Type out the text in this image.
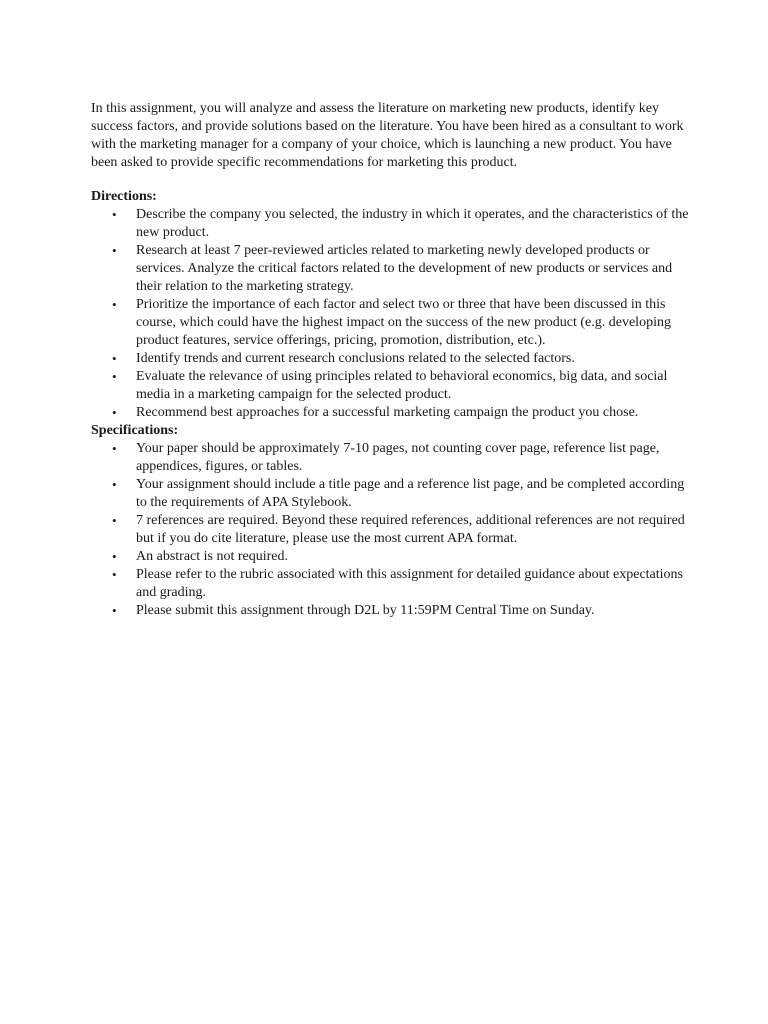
In this assignment, you will analyze and assess the literature on marketing new products, identify key success factors, and provide solutions based on the literature. You have been hired as a consultant to work with the marketing manager for a company of your choice, which is launching a new product. You have been asked to provide specific recommendations for marketing this product.

Directions:

• Describe the company you selected, the industry in which it operates, and the characteristics of the new product.
• Research at least 7 peer-reviewed articles related to marketing newly developed products or services. Analyze the critical factors related to the development of new products or services and their relation to the marketing strategy.
• Prioritize the importance of each factor and select two or three that have been discussed in this course, which could have the highest impact on the success of the new product (e.g. developing product features, service offerings, pricing, promotion, distribution, etc.).
• Identify trends and current research conclusions related to the selected factors.
• Evaluate the relevance of using principles related to behavioral economics, big data, and social media in a marketing campaign for the selected product.
• Recommend best approaches for a successful marketing campaign the product you chose.

Specifications:

• Your paper should be approximately 7-10 pages, not counting cover page, reference list page, appendices, figures, or tables.
• Your assignment should include a title page and a reference list page, and be completed according to the requirements of APA Stylebook.
• 7 references are required. Beyond these required references, additional references are not required but if you do cite literature, please use the most current APA format.
• An abstract is not required.
• Please refer to the rubric associated with this assignment for detailed guidance about expectations and grading.
• Please submit this assignment through D2L by 11:59PM Central Time on Sunday.
